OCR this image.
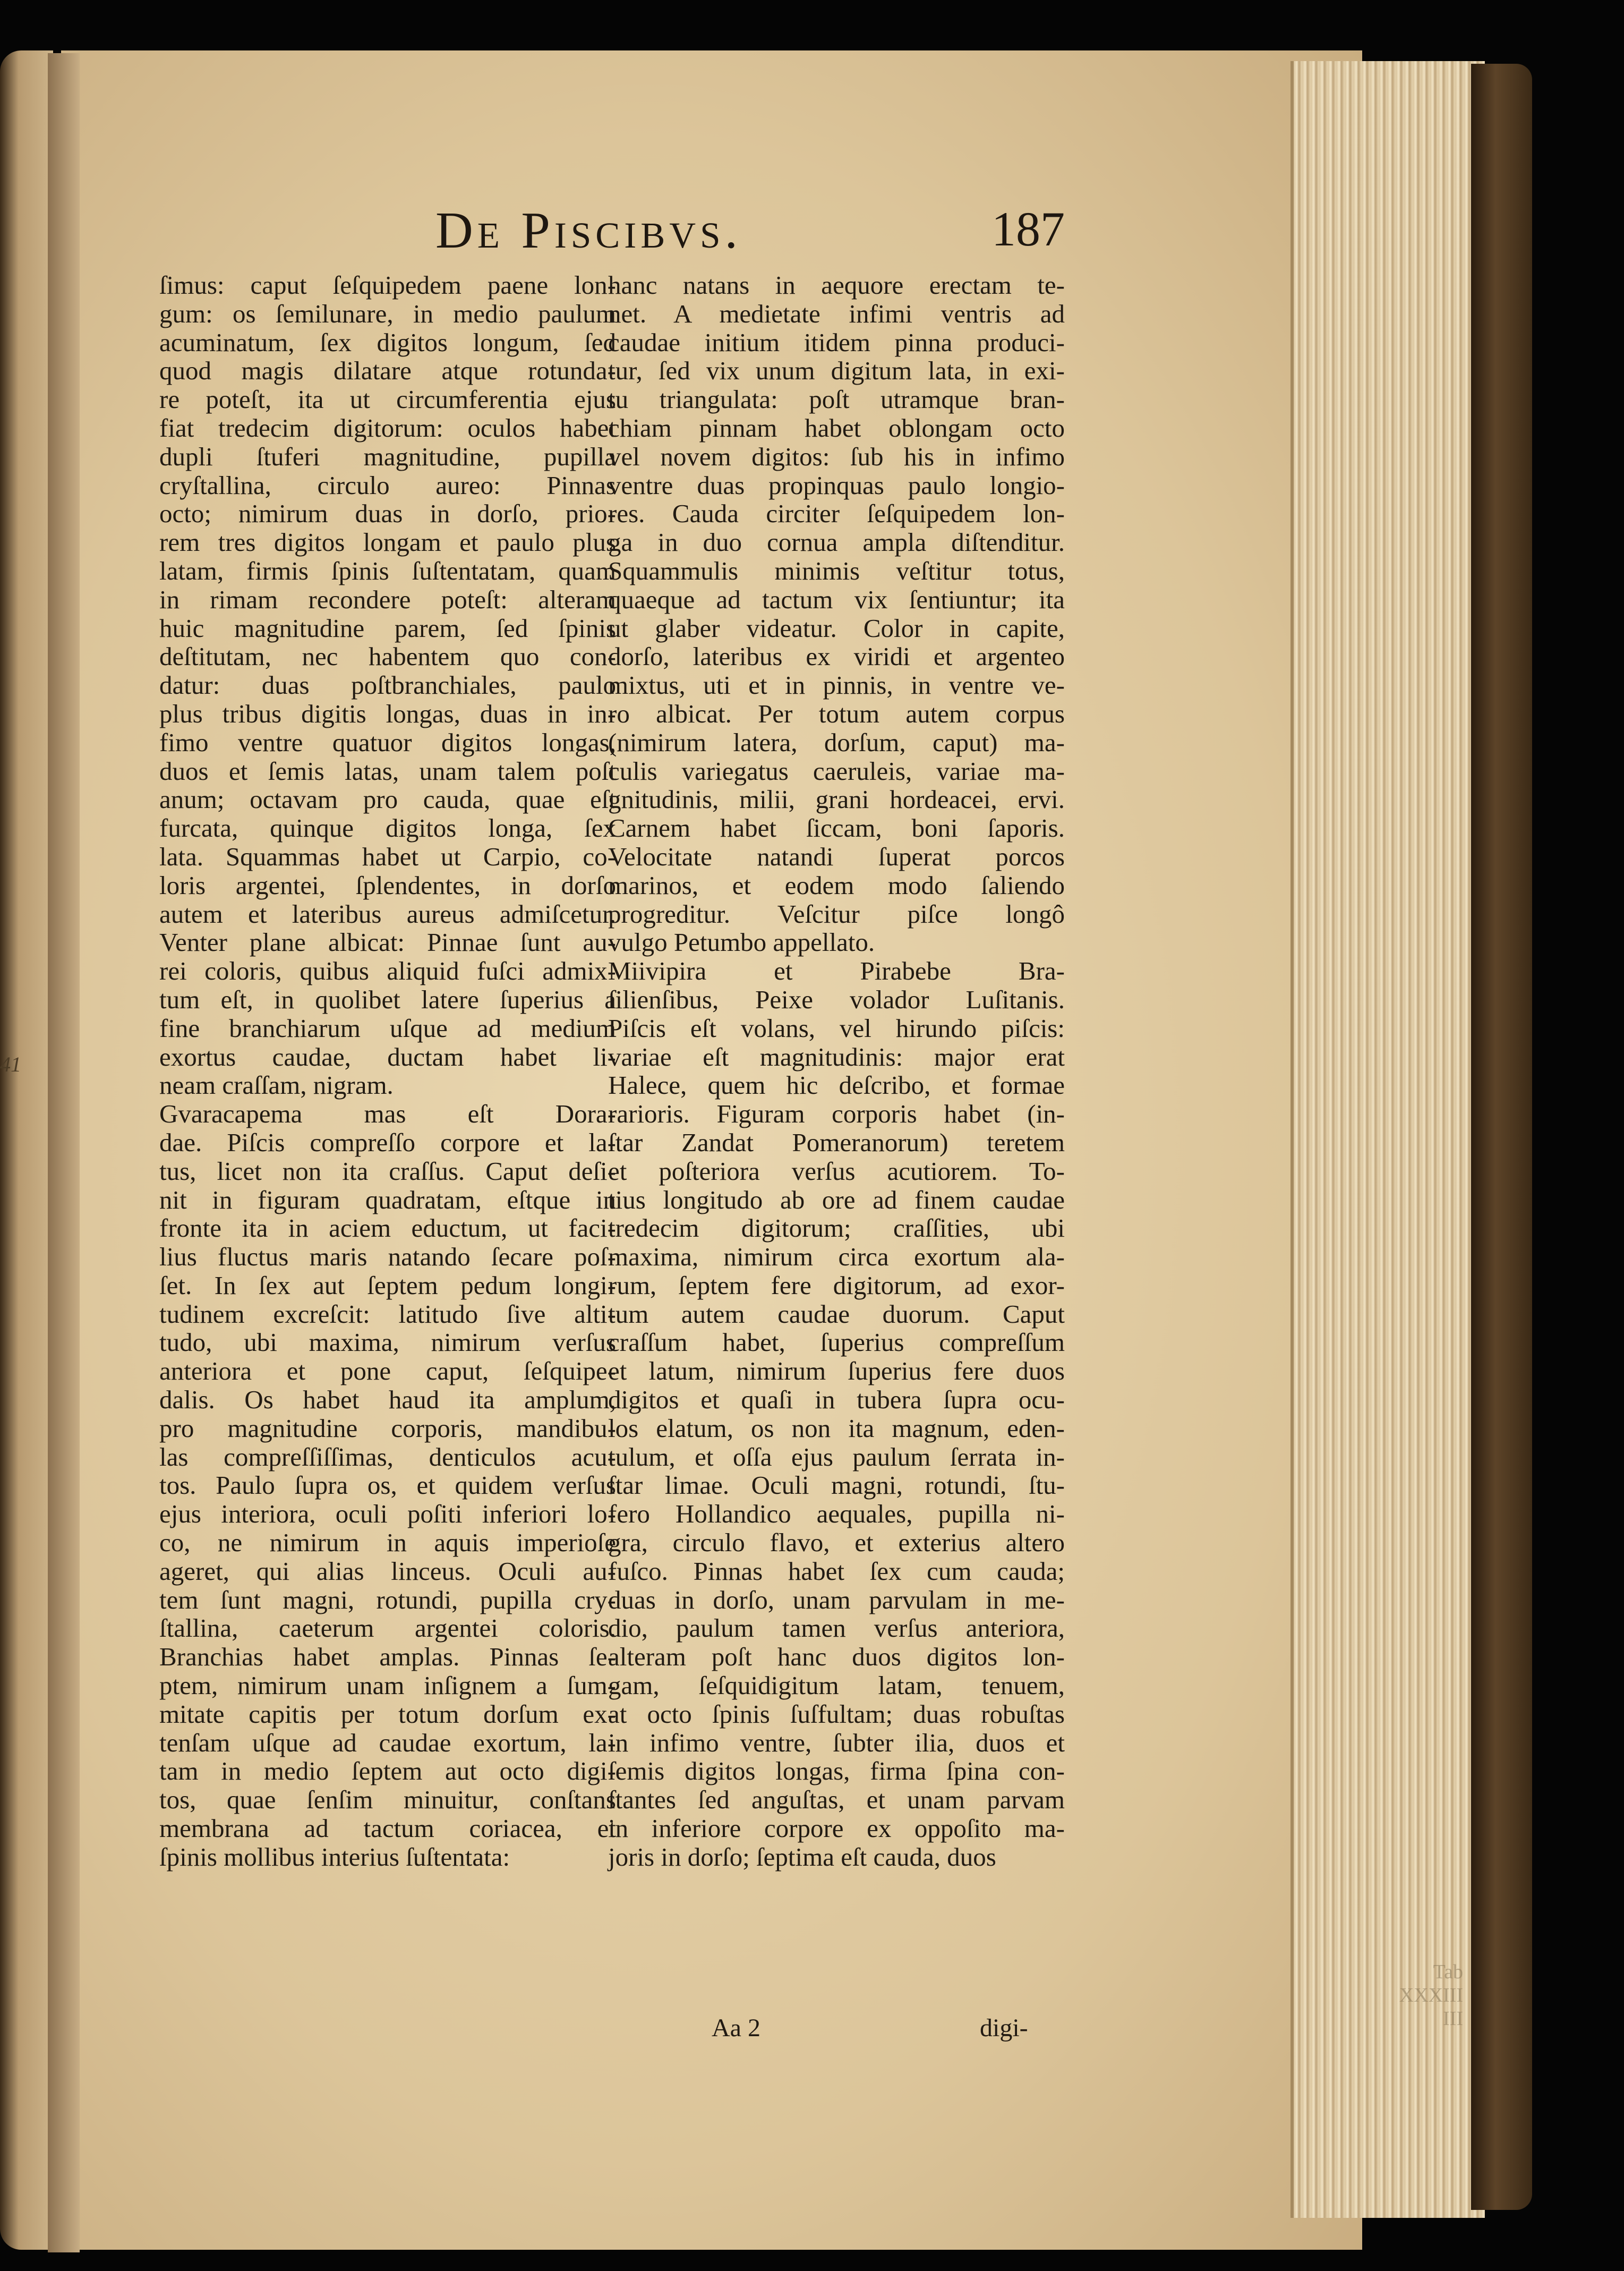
41
Tab
XXXIII
III
De Piscibvs.	187
ſimus: caput ſeſquipedem paene lon-
gum: os ſemilunare, in medio paulum
acuminatum, ſex digitos longum, ſed
quod magis dilatare atque rotunda-
re poteſt, ita ut circumferentia ejus
fiat tredecim digitorum: oculos habet
dupli ſtuferi magnitudine, pupilla
cryſtallina, circulo aureo: Pinnas
octo; nimirum duas in dorſo, prio-
rem tres digitos longam et paulo plus
latam, firmis ſpinis ſuſtentatam, quam
in rimam recondere poteſt: alteram
huic magnitudine parem, ſed ſpinis
deſtitutam, nec habentem quo con-
datur: duas poſtbranchiales, paulo
plus tribus digitis longas, duas in in-
fimo ventre quatuor digitos longas,
duos et ſemis latas, unam talem poſt
anum; octavam pro cauda, quae eſt
furcata, quinque digitos longa, ſex
lata. Squammas habet ut Carpio, co-
loris argentei, ſplendentes, in dorſo
autem et lateribus aureus admiſcetur.
Venter plane albicat: Pinnae ſunt au-
rei coloris, quibus aliquid fuſci admix-
tum eſt, in quolibet latere ſuperius a
fine branchiarum uſque ad medium
exortus caudae, ductam habet li-
neam craſſam, nigram.
Gvaracapema mas eſt Dora-
dae. Piſcis compreſſo corpore et la-
tus, licet non ita craſſus. Caput deſi-
nit in figuram quadratam, eſtque in
fronte ita in aciem eductum, ut faci-
lius fluctus maris natando ſecare poſ-
ſet. In ſex aut ſeptem pedum longi-
tudinem excreſcit: latitudo ſive alti-
tudo, ubi maxima, nimirum verſus
anteriora et pone caput, ſeſquipe-
dalis. Os habet haud ita amplum,
pro magnitudine corporis, mandibu-
las compreſſiſſimas, denticulos acu-
tos. Paulo ſupra os, et quidem verſus
ejus interiora, oculi poſiti inferiori lo-
co, ne nimirum in aquis imperioſe
ageret, qui alias linceus. Oculi au-
tem ſunt magni, rotundi, pupilla cry-
ſtallina, caeterum argentei coloris.
Branchias habet amplas. Pinnas ſe-
ptem, nimirum unam inſignem a ſum-
mitate capitis per totum dorſum ex-
tenſam uſque ad caudae exortum, la-
tam in medio ſeptem aut octo digi-
tos, quae ſenſim minuitur, conſtans
membrana ad tactum coriacea, et
ſpinis mollibus interius ſuſtentata:
hanc natans in aequore erectam te-
net. A medietate infimi ventris ad
caudae initium itidem pinna produci-
tur, ſed vix unum digitum lata, in exi-
tu triangulata: poſt utramque bran-
chiam pinnam habet oblongam octo
vel novem digitos: ſub his in infimo
ventre duas propinquas paulo longio-
res. Cauda circiter ſeſquipedem lon-
ga in duo cornua ampla diſtenditur.
Squammulis minimis veſtitur totus,
quaeque ad tactum vix ſentiuntur; ita
ut glaber videatur. Color in capite,
dorſo, lateribus ex viridi et argenteo
mixtus, uti et in pinnis, in ventre ve-
ro albicat. Per totum autem corpus
(nimirum latera, dorſum, caput) ma-
culis variegatus caeruleis, variae ma-
gnitudinis, milii, grani hordeacei, ervi.
Carnem habet ſiccam, boni ſaporis.
Velocitate natandi ſuperat porcos
marinos, et eodem modo ſaliendo
progreditur. Veſcitur piſce longô
vulgo Petumbo appellato.
Miivipira et Pirabebe Bra-
ſilienſibus, Peixe volador Luſitanis.
Piſcis eſt volans, vel hirundo piſcis:
variae eſt magnitudinis: major erat
Halece, quem hic deſcribo, et formae
rarioris. Figuram corporis habet (in-
ſtar Zandat Pomeranorum) teretem
et poſteriora verſus acutiorem. To-
tius longitudo ab ore ad finem caudae
tredecim digitorum; craſſities, ubi
maxima, nimirum circa exortum ala-
rum, ſeptem fere digitorum, ad exor-
tum autem caudae duorum. Caput
craſſum habet, ſuperius compreſſum
et latum, nimirum ſuperius fere duos
digitos et quaſi in tubera ſupra ocu-
los elatum, os non ita magnum, eden-
tulum, et oſſa ejus paulum ſerrata in-
ſtar limae. Oculi magni, rotundi, ſtu-
fero Hollandico aequales, pupilla ni-
gra, circulo flavo, et exterius altero
fuſco. Pinnas habet ſex cum cauda;
duas in dorſo, unam parvulam in me-
dio, paulum tamen verſus anteriora,
alteram poſt hanc duos digitos lon-
gam, ſeſquidigitum latam, tenuem,
at octo ſpinis ſuſfultam; duas robuſtas
in infimo ventre, ſubter ilia, duos et
ſemis digitos longas, firma ſpina con-
ſtantes ſed anguſtas, et unam parvam
in inferiore corpore ex oppoſito ma-
joris in dorſo; ſeptima eſt cauda, duos
Aa 2	digi-
